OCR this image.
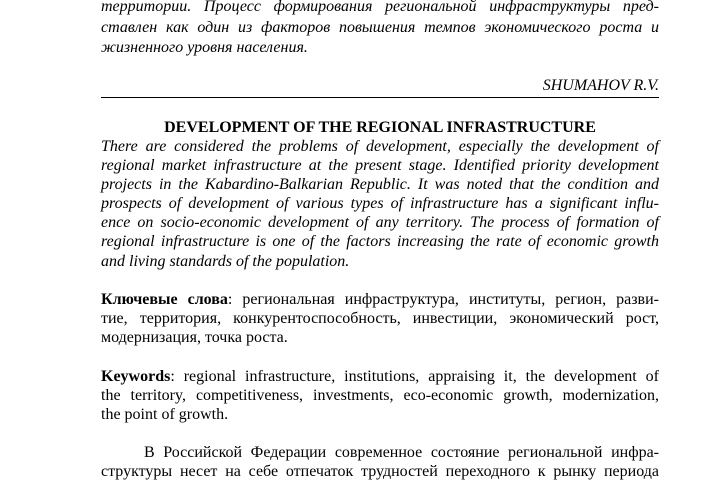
территории. Процесс формирования региональной инфраструктуры пред-
ставлен как один из факторов повышения темпов экономического роста и
жизненного уровня населения.
SHUMAHOV R.V.
DEVELOPMENT OF THE REGIONAL INFRASTRUCTURE
There are considered the problems of development, especially the development of
regional market infrastructure at the present stage. Identified priority development
projects in the Kabardino-Balkarian Republic. It was noted that the condition and
prospects of development of various types of infrastructure has a significant influ-
ence on socio-economic development of any territory. The process of formation of
regional infrastructure is one of the factors increasing the rate of economic growth
and living standards of the population.
Ключевые слова: региональная инфраструктура, институты, регион, разви-
тие, территория, конкурентоспособность, инвестиции, экономический рост,
модернизация, точка роста.
Keywords: regional infrastructure, institutions, appraising it, the development of
the territory, competitiveness, investments, eco-economic growth, modernization,
the point of growth.
В Российской Федерации современное состояние региональной инфра-
структуры несет на себе отпечаток трудностей переходного к рынку периода
